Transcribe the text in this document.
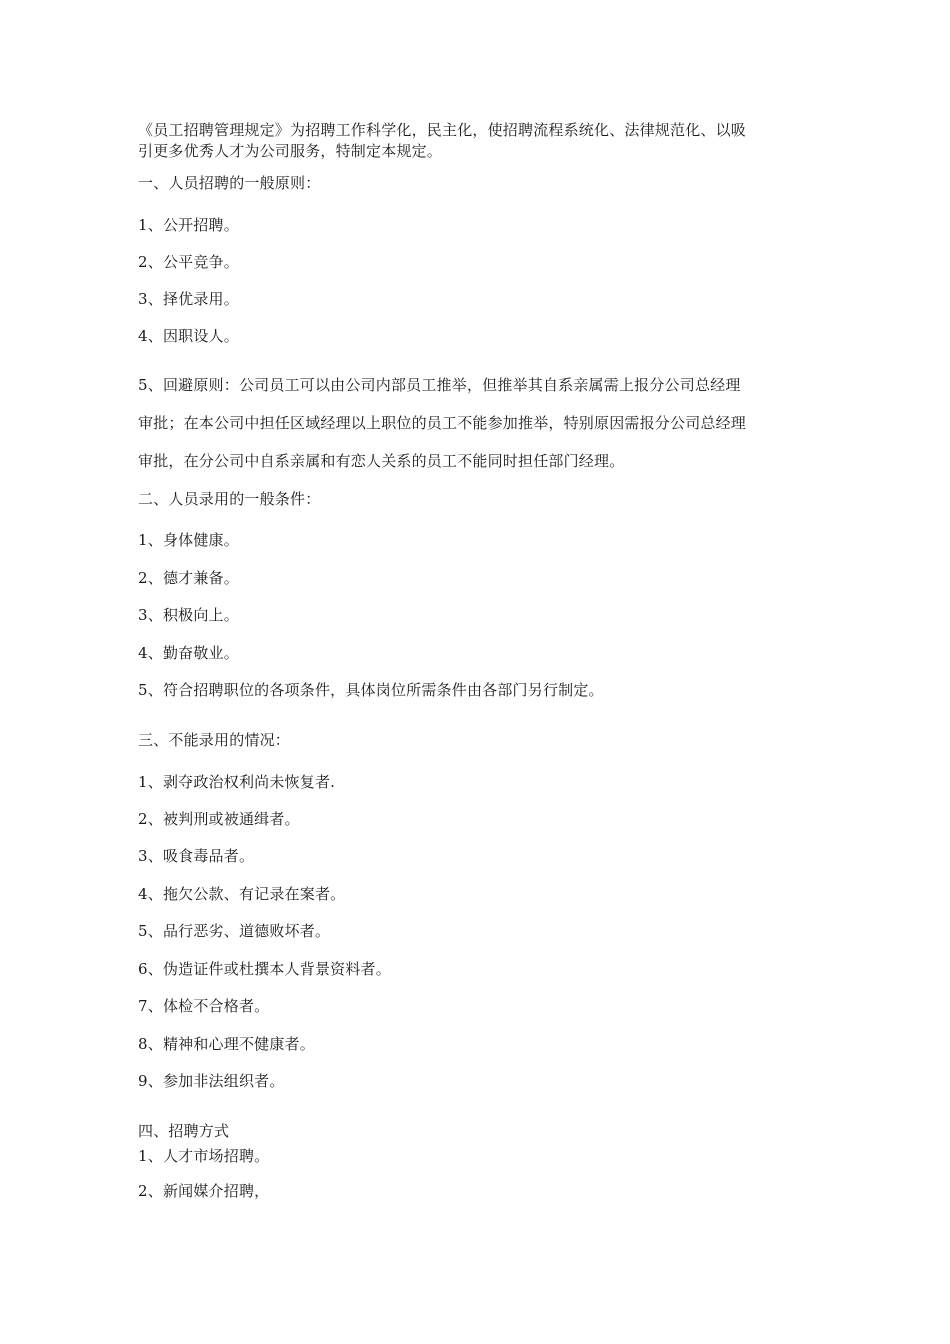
《员工招聘管理规定》为招聘工作科学化，民主化，使招聘流程系统化、法律规范化、以吸
引更多优秀人才为公司服务，特制定本规定。
一、人员招聘的一般原则：
1、公开招聘。
2、公平竞争。
3、择优录用。
4、因职设人。
5、回避原则：公司员工可以由公司内部员工推举，但推举其自系亲属需上报分公司总经理
审批；在本公司中担任区域经理以上职位的员工不能参加推举，特别原因需报分公司总经理
审批，在分公司中自系亲属和有恋人关系的员工不能同时担任部门经理。
二、人员录用的一般条件：
1、身体健康。
2、德才兼备。
3、积极向上。
4、勤奋敬业。
5、符合招聘职位的各项条件，具体岗位所需条件由各部门另行制定。
三、不能录用的情况：
1、剥夺政治权利尚未恢复者.
2、被判刑或被通缉者。
3、吸食毒品者。
4、拖欠公款、有记录在案者。
5、品行恶劣、道德败坏者。
6、伪造证件或杜撰本人背景资料者。
7、体检不合格者。
8、精神和心理不健康者。
9、参加非法组织者。
四、招聘方式
1、人才市场招聘。
2、新闻媒介招聘，
